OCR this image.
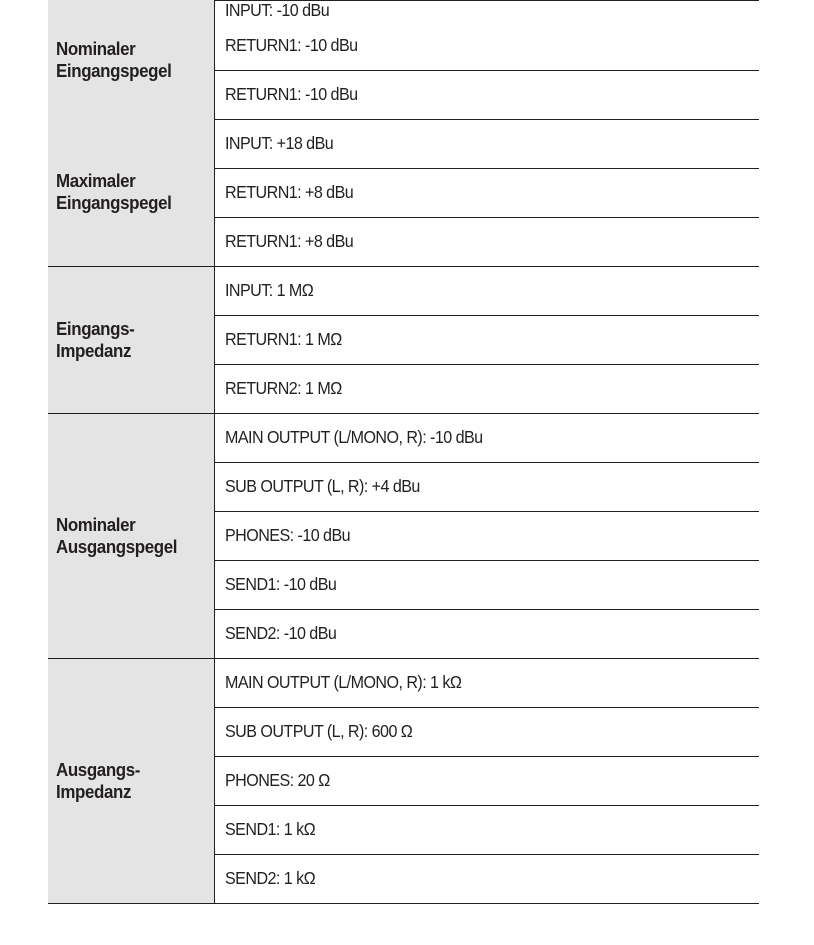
Nominaler
Eingangspegel	INPUT: -10 dBu
	RETURN1: -10 dBu
	RETURN1: -10 dBu
Maximaler
Eingangspegel	INPUT: +18 dBu
	RETURN1: +8 dBu
	RETURN1: +8 dBu
Eingangs-
Impedanz	INPUT: 1 MΩ
	RETURN1: 1 MΩ
	RETURN2: 1 MΩ
Nominaler
Ausgangspegel	MAIN OUTPUT (L/MONO, R): -10 dBu
	SUB OUTPUT (L, R): +4 dBu
	PHONES: -10 dBu
	SEND1: -10 dBu
	SEND2: -10 dBu
Ausgangs-
Impedanz	MAIN OUTPUT (L/MONO, R): 1 kΩ
	SUB OUTPUT (L, R): 600 Ω
	PHONES: 20 Ω
	SEND1: 1 kΩ
	SEND2: 1 kΩ
